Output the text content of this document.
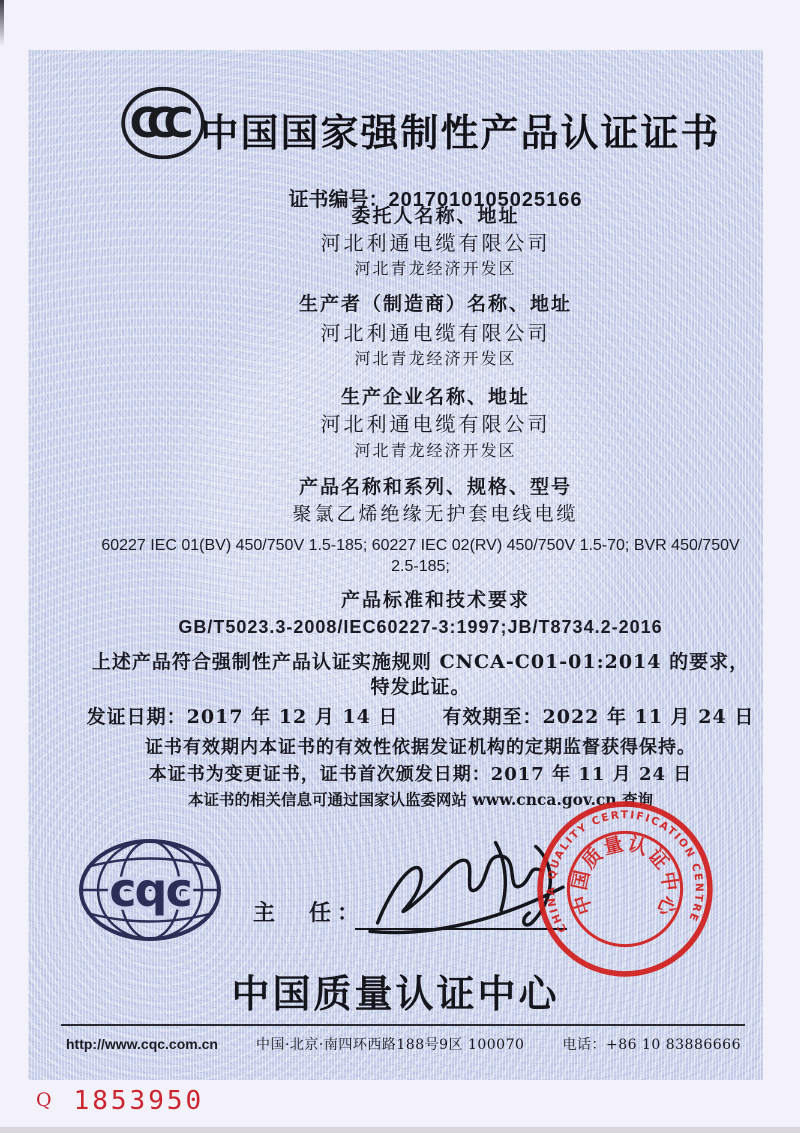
CCC 中国国家强制性产品认证证书
证书编号：2017010105025166
委托人名称、地址
河北利通电缆有限公司
河北青龙经济开发区
生产者（制造商）名称、地址
河北利通电缆有限公司
河北青龙经济开发区
生产企业名称、地址
河北利通电缆有限公司
河北青龙经济开发区
产品名称和系列、规格、型号
聚氯乙烯绝缘无护套电线电缆
60227 IEC 01(BV) 450/750V 1.5-185; 60227 IEC 02(RV) 450/750V 1.5-70; BVR 450/750V
2.5-185;
产品标准和技术要求
GB/T5023.3-2008/IEC60227-3:1997;JB/T8734.2-2016
上述产品符合强制性产品认证实施规则 CNCA-C01-01:2014 的要求，
特发此证。
发证日期：2017 年 12 月 14 日 有效期至：2022 年 11 月 24 日
证书有效期内本证书的有效性依据发证机构的定期监督获得保持。
本证书为变更证书，证书首次颁发日期：2017 年 11 月 24 日
本证书的相关信息可通过国家认监委网站 www.cnca.gov.cn 查询
cqc	主　任：
CHINA QUALITY CERTIFICATION CENTRE
中国质量认证中心
中国质量认证中心
http://www.cqc.com.cn	中国·北京·南四环西路188号9区 100070	电话：+86 10 83886666
Q 1853950
